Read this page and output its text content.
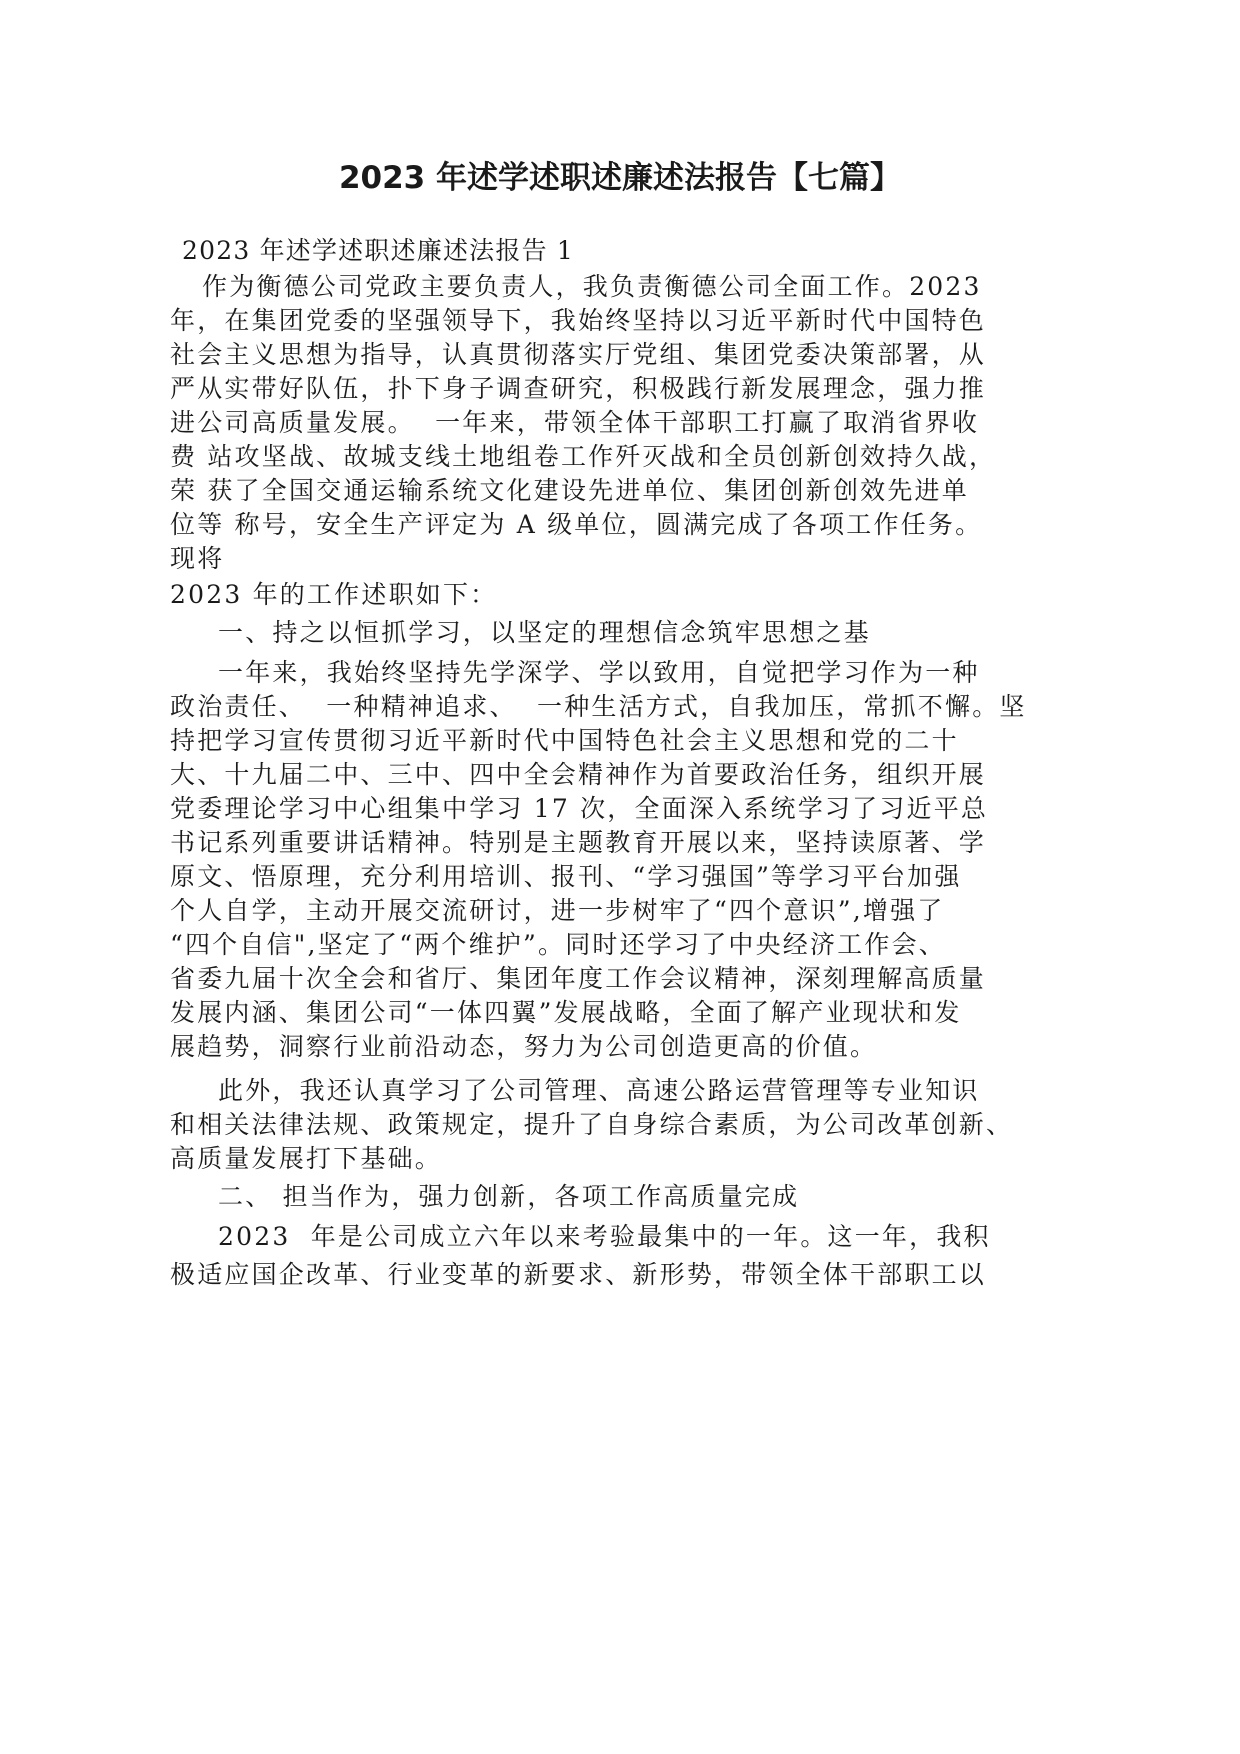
2023 年述学述职述廉述法报告【七篇】

2023 年述学述职述廉述法报告 1

作为衡德公司党政主要负责人，我负责衡德公司全面工作。2023

年，在集团党委的坚强领导下，我始终坚持以习近平新时代中国特色

社会主义思想为指导，认真贯彻落实厅党组、集团党委决策部署，从

严从实带好队伍，扑下身子调查研究，积极践行新发展理念，强力推

进公司高质量发展。  一年来，带领全体干部职工打赢了取消省界收

费 站攻坚战、故城支线土地组卷工作歼灭战和全员创新创效持久战，

荣 获了全国交通运输系统文化建设先进单位、集团创新创效先进单

位等 称号，安全生产评定为 A 级单位，圆满完成了各项工作任务。

现将

2023 年的工作述职如下：

一、持之以恒抓学习，以坚定的理想信念筑牢思想之基

一年来，我始终坚持先学深学、学以致用，自觉把学习作为一种

政治责任、  一种精神追求、  一种生活方式，自我加压，常抓不懈。坚

持把学习宣传贯彻习近平新时代中国特色社会主义思想和党的二十

大、十九届二中、三中、四中全会精神作为首要政治任务，组织开展

党委理论学习中心组集中学习 17 次，全面深入系统学习了习近平总

书记系列重要讲话精神。特别是主题教育开展以来，坚持读原著、学

原文、悟原理，充分利用培训、报刊、“学习强国”等学习平台加强

个人自学，主动开展交流研讨，进一步树牢了“四个意识”,增强了

“四个自信",坚定了“两个维护”。同时还学习了中央经济工作会、

省委九届十次全会和省厅、集团年度工作会议精神，深刻理解高质量

发展内涵、集团公司“一体四翼”发展战略，全面了解产业现状和发

展趋势，洞察行业前沿动态，努力为公司创造更高的价值。

此外，我还认真学习了公司管理、高速公路运营管理等专业知识

和相关法律法规、政策规定，提升了自身综合素质，为公司改革创新、

高质量发展打下基础。

二、 担当作为，强力创新，各项工作高质量完成

2023  年是公司成立六年以来考验最集中的一年。这一年，我积

极适应国企改革、行业变革的新要求、新形势，带领全体干部职工以
